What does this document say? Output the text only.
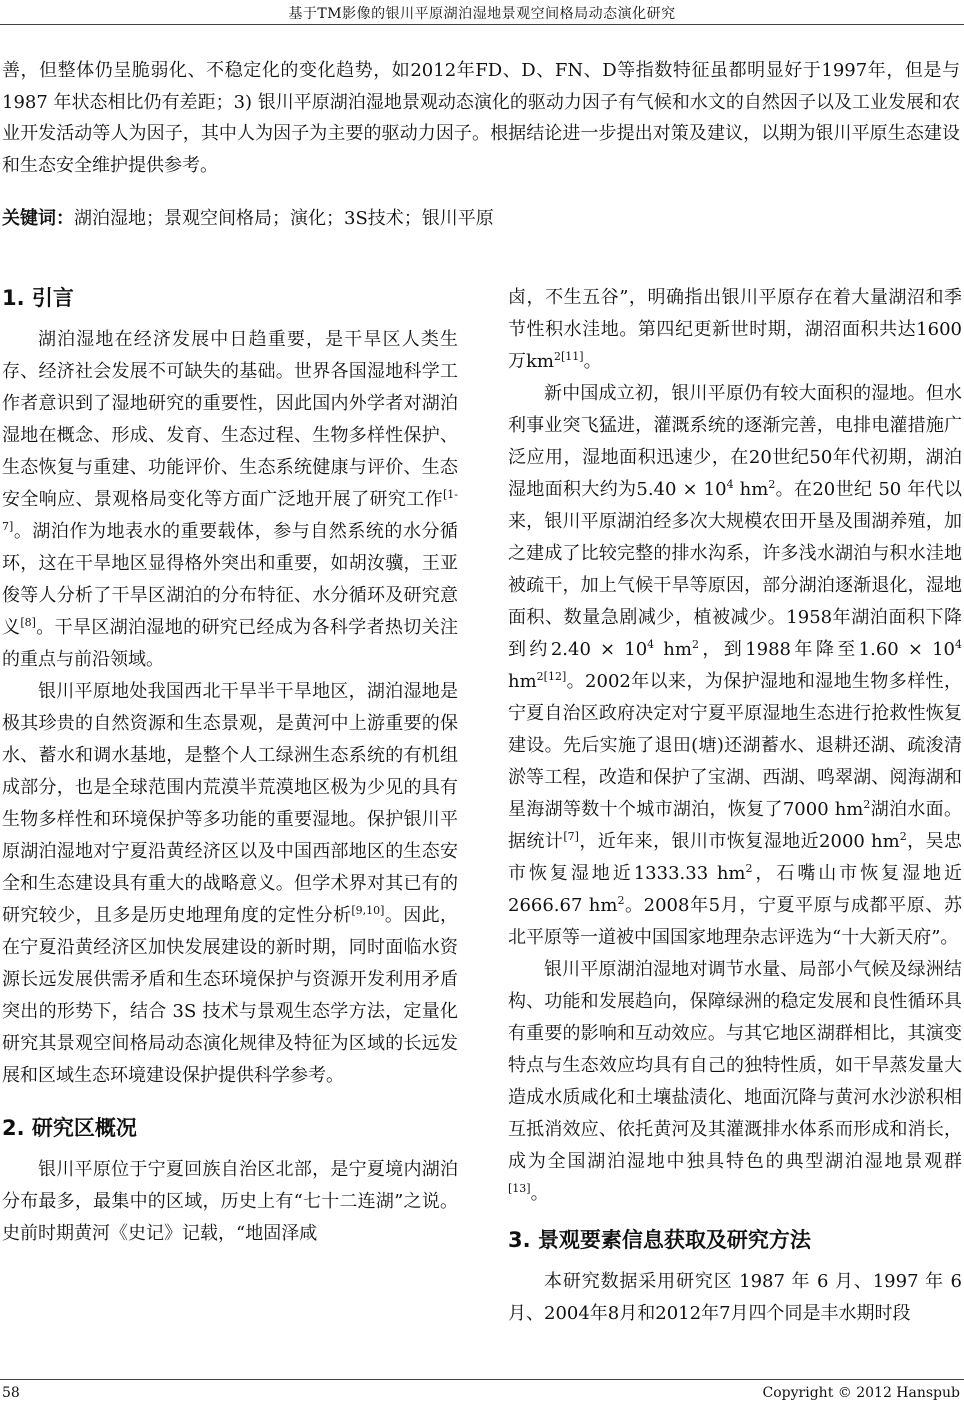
基于TM影像的银川平原湖泊湿地景观空间格局动态演化研究

善，但整体仍呈脆弱化、不稳定化的变化趋势，如2012年FD、D、FN、D等指数特征虽都明显好于1997年，但是与 1987 年状态相比仍有差距；3) 银川平原湖泊湿地景观动态演化的驱动力因子有气候和水文的自然因子以及工业发展和农业开发活动等人为因子，其中人为因子为主要的驱动力因子。根据结论进一步提出对策及建议，以期为银川平原生态建设和生态安全维护提供参考。

关键词：湖泊湿地；景观空间格局；演化；3S技术；银川平原
1. 引言

湖泊湿地在经济发展中日趋重要，是干旱区人类生存、经济社会发展不可缺失的基础。世界各国湿地科学工作者意识到了湿地研究的重要性，因此国内外学者对湖泊湿地在概念、形成、发育、生态过程、生物多样性保护、生态恢复与重建、功能评价、生态系统健康与评价、生态安全响应、景观格局变化等方面广泛地开展了研究工作[1-7]。湖泊作为地表水的重要载体，参与自然系统的水分循环，这在干旱地区显得格外突出和重要，如胡汝骥，王亚俊等人分析了干旱区湖泊的分布特征、水分循环及研究意义[8]。干旱区湖泊湿地的研究已经成为各科学者热切关注的重点与前沿领域。

银川平原地处我国西北干旱半干旱地区，湖泊湿地是极其珍贵的自然资源和生态景观，是黄河中上游重要的保水、蓄水和调水基地，是整个人工绿洲生态系统的有机组成部分，也是全球范围内荒漠半荒漠地区极为少见的具有生物多样性和环境保护等多功能的重要湿地。保护银川平原湖泊湿地对宁夏沿黄经济区以及中国西部地区的生态安全和生态建设具有重大的战略意义。但学术界对其已有的研究较少，且多是历史地理角度的定性分析[9,10]。因此，在宁夏沿黄经济区加快发展建设的新时期，同时面临水资源长远发展供需矛盾和生态环境保护与资源开发利用矛盾突出的形势下，结合 3S 技术与景观生态学方法，定量化研究其景观空间格局动态演化规律及特征为区域的长远发展和区域生态环境建设保护提供科学参考。

2. 研究区概况

银川平原位于宁夏回族自治区北部，是宁夏境内湖泊分布最多，最集中的区域，历史上有“七十二连湖”之说。史前时期黄河《史记》记载，“地固泽咸

卤，不生五谷”，明确指出银川平原存在着大量湖沼和季节性积水洼地。第四纪更新世时期，湖沼面积共达1600万$km^{2[11]}$。

新中国成立初，银川平原仍有较大面积的湿地。但水利事业突飞猛进，灌溉系统的逐渐完善，电排电灌措施广泛应用，湿地面积迅速少，在20世纪50年代初期，湖泊湿地面积大约为$5.40 \times 10^4$ $hm^2$。在20世纪 50 年代以来，银川平原湖泊经多次大规模农田开垦及围湖养殖，加之建成了比较完整的排水沟系，许多浅水湖泊与积水洼地被疏干，加上气候干旱等原因，部分湖泊逐渐退化，湿地面积、数量急剧减少，植被减少。1958年湖泊面积下降到约$2.40 \times 10^4$ $hm^2$，到1988年降至$1.60 \times 10^4$ $hm^{2[12]}$。2002年以来，为保护湿地和湿地生物多样性，宁夏自治区政府决定对宁夏平原湿地生态进行抢救性恢复建设。先后实施了退田(塘)还湖蓄水、退耕还湖、疏浚清淤等工程，改造和保护了宝湖、西湖、鸣翠湖、阅海湖和星海湖等数十个城市湖泊，恢复了7000 $hm^2$湖泊水面。据统计[7]，近年来，银川市恢复湿地近2000 $hm^2$，吴忠市恢复湿地近1333.33 $hm^2$，石嘴山市恢复湿地近2666.67 $hm^2$。2008年5月，宁夏平原与成都平原、苏北平原等一道被中国国家地理杂志评选为“十大新天府”。

银川平原湖泊湿地对调节水量、局部小气候及绿洲结构、功能和发展趋向，保障绿洲的稳定发展和良性循环具有重要的影响和互动效应。与其它地区湖群相比，其演变特点与生态效应均具有自己的独特性质，如干旱蒸发量大造成水质咸化和土壤盐渍化、地面沉降与黄河水沙淤积相互抵消效应、依托黄河及其灌溉排水体系而形成和消长，成为全国湖泊湿地中独具特色的典型湖泊湿地景观群[13]。

3. 景观要素信息获取及研究方法

本研究数据采用研究区 1987 年 6 月、1997 年 6 月、2004年8月和2012年7月四个同是丰水期时段

58	Copyright © 2012 Hanspub
